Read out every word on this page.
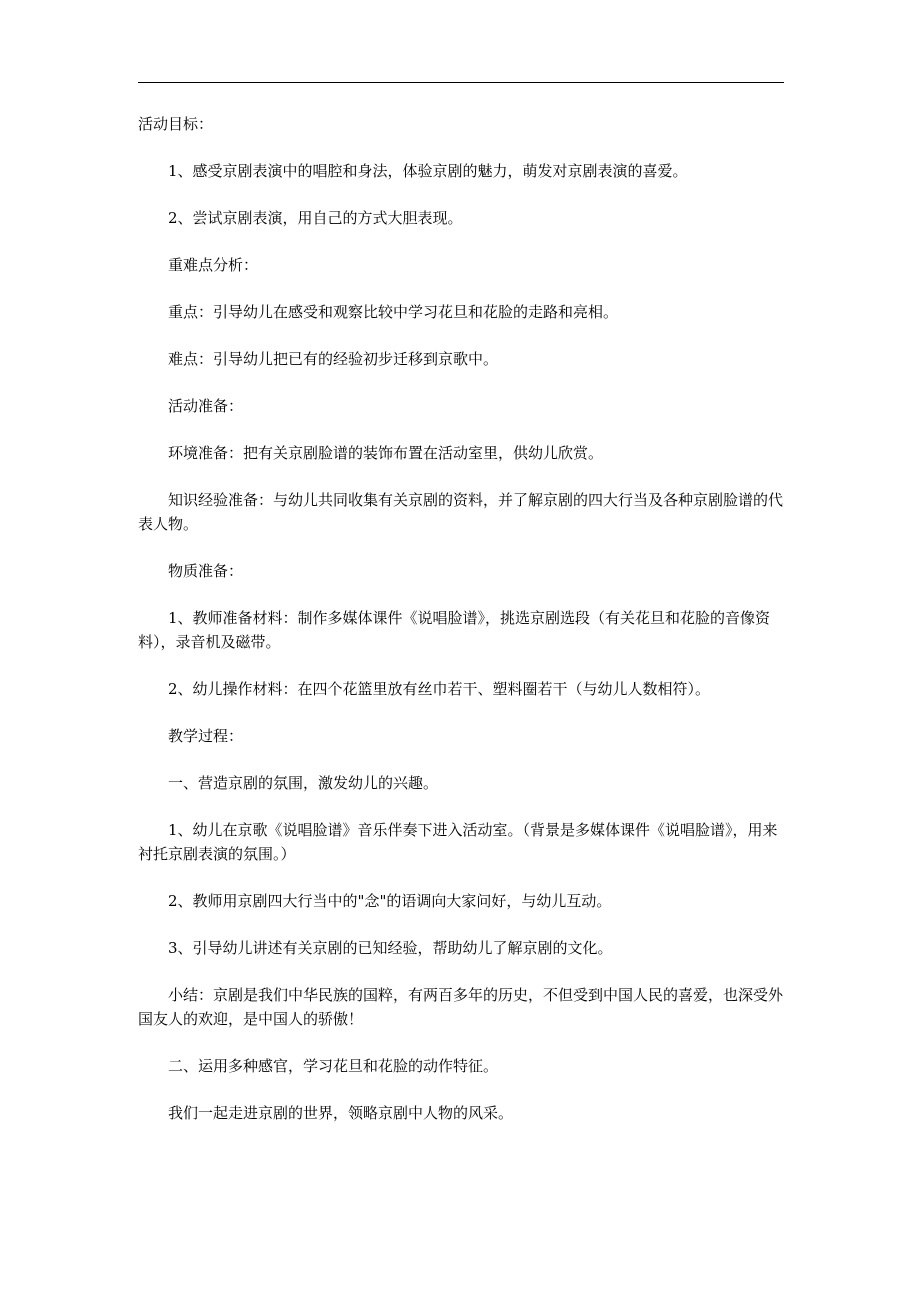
活动目标：

1、感受京剧表演中的唱腔和身法，体验京剧的魅力，萌发对京剧表演的喜爱。

2、尝试京剧表演，用自己的方式大胆表现。

重难点分析：

重点：引导幼儿在感受和观察比较中学习花旦和花脸的走路和亮相。

难点：引导幼儿把已有的经验初步迁移到京歌中。

活动准备：

环境准备：把有关京剧脸谱的装饰布置在活动室里，供幼儿欣赏。

知识经验准备：与幼儿共同收集有关京剧的资料，并了解京剧的四大行当及各种京剧脸谱的代表人物。

物质准备：

1、教师准备材料：制作多媒体课件《说唱脸谱》，挑选京剧选段（有关花旦和花脸的音像资料），录音机及磁带。

2、幼儿操作材料：在四个花篮里放有丝巾若干、塑料圈若干（与幼儿人数相符）。

教学过程：

一、营造京剧的氛围，激发幼儿的兴趣。

1、幼儿在京歌《说唱脸谱》音乐伴奏下进入活动室。（背景是多媒体课件《说唱脸谱》，用来衬托京剧表演的氛围。）

2、教师用京剧四大行当中的"念"的语调向大家问好，与幼儿互动。

3、引导幼儿讲述有关京剧的已知经验，帮助幼儿了解京剧的文化。

小结：京剧是我们中华民族的国粹，有两百多年的历史，不但受到中国人民的喜爱，也深受外国友人的欢迎，是中国人的骄傲！

二、运用多种感官，学习花旦和花脸的动作特征。

我们一起走进京剧的世界，领略京剧中人物的风采。
